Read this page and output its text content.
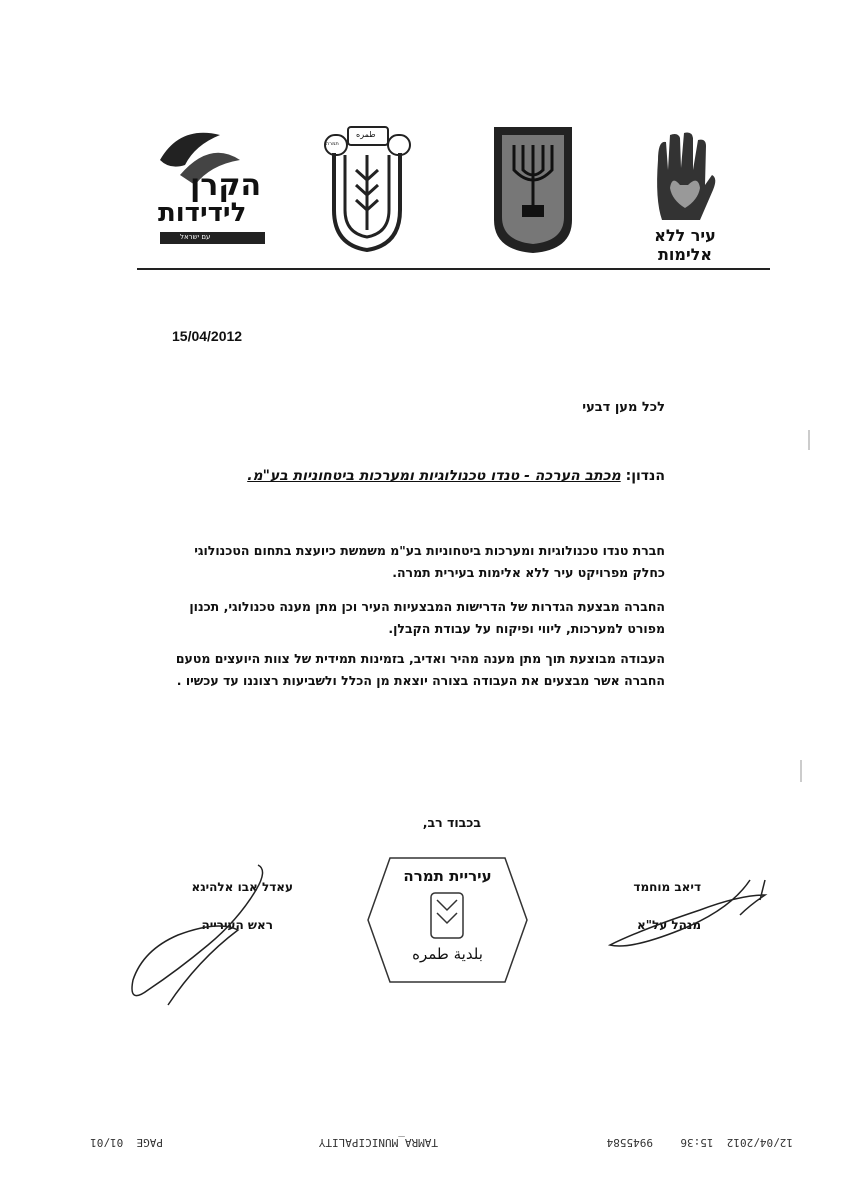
הקרן
לידידות
עם ישראל
طمره
תמרה
עיר ללא
אלימות
15/04/2012
לכל מען דבעי
הנדון: מכתב הערכה - טנדו טכנולוגיות ומערכות ביטחוניות בע"מ.
חברת טנדו טכנולוגיות ומערכות ביטחוניות בע"מ משמשת כיועצת בתחום הטכנולוגי
כחלק מפרויקט עיר ללא אלימות בעירית תמרה.
החברה מבצעת הגדרות של הדרישות המבצעיות העיר וכן מתן מענה טכנולוגי, תכנון
מפורט למערכות, ליווי ופיקוח על עבודת הקבלן.
העבודה מבוצעת תוך מתן מענה מהיר ואדיב, בזמינות תמידית של צוות היועצים מטעם
החברה אשר מבצעים את העבודה בצורה יוצאת מן הכלל ולשביעות רצוננו עד עכשיו .
בכבוד רב,
עאדל אבו אלהיגא
ראש העירייה
עיריית תמרה
بلدية طمره
דיאב מוחמד
מנהל על"א
12/04/2012  15:36
9945584
TAMRA_MUNICIPALITY
PAGE  01/01
